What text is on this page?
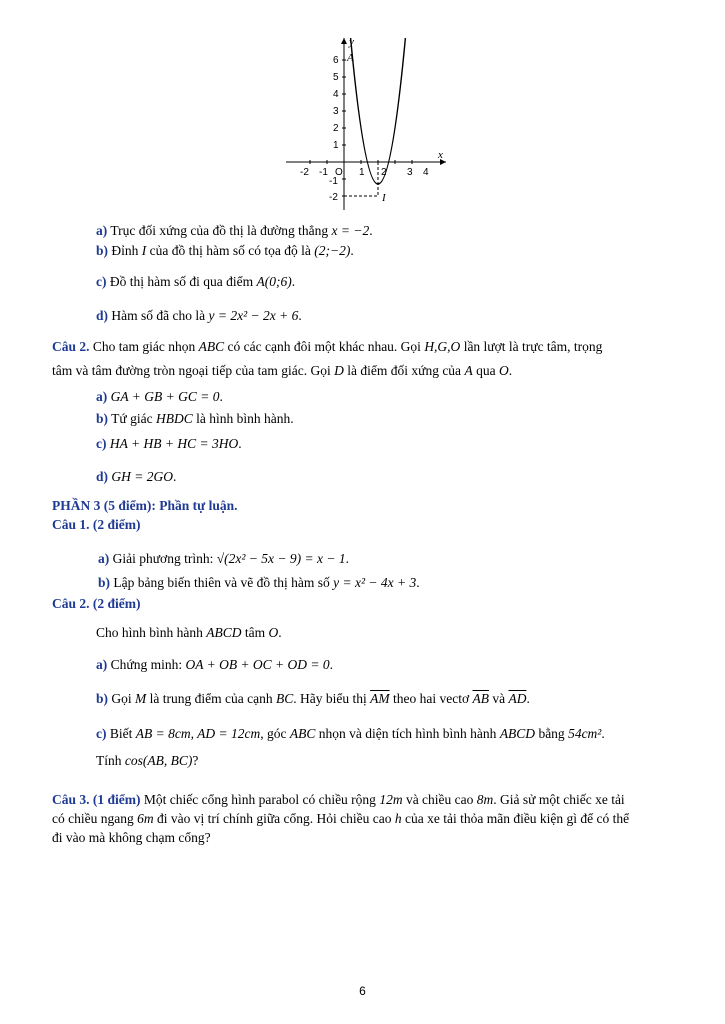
-2 -1 O 1 2 3 4
6
5
4
3
2
1
-1
-2
x
y
A
I
a) Trục đối xứng của đồ thị là đường thẳng x = −2.
b) Đỉnh I của đồ thị hàm số có tọa độ là (2;−2).
c) Đồ thị hàm số đi qua điểm A(0;6).
d) Hàm số đã cho là y = 2x² − 2x + 6.
Câu 2. Cho tam giác nhọn ABC có các cạnh đôi một khác nhau. Gọi H,G,O lần lượt là trực tâm, trọng
tâm và tâm đường tròn ngoại tiếp của tam giác. Gọi D là điểm đối xứng của A qua O.
a) GA + GB + GC = 0.
b) Tứ giác HBDC là hình bình hành.
c) HA + HB + HC = 3HO.
d) GH = 2GO.
PHẦN 3 (5 điểm): Phần tự luận.
Câu 1. (2 điểm)
a) Giải phương trình: √(2x² − 5x − 9) = x − 1.
b) Lập bảng biến thiên và vẽ đồ thị hàm số y = x² − 4x + 3.
Câu 2. (2 điểm)
Cho hình bình hành ABCD tâm O.
a) Chứng minh: OA + OB + OC + OD = 0.
b) Gọi M là trung điểm của cạnh BC. Hãy biểu thị $\overline{AM}$ theo hai vectơ $\overline{AB}$ và $\overline{AD}$.
c) Biết AB = 8cm, AD = 12cm, góc ABC nhọn và diện tích hình bình hành ABCD bằng 54cm².
Tính cos(AB, BC)?
Câu 3. (1 điểm) Một chiếc cổng hình parabol có chiều rộng 12m và chiều cao 8m. Giả sử một chiếc xe tải
có chiều ngang 6m đi vào vị trí chính giữa cổng. Hỏi chiều cao h của xe tải thỏa mãn điều kiện gì để có thể
đi vào mà không chạm cổng?
6
